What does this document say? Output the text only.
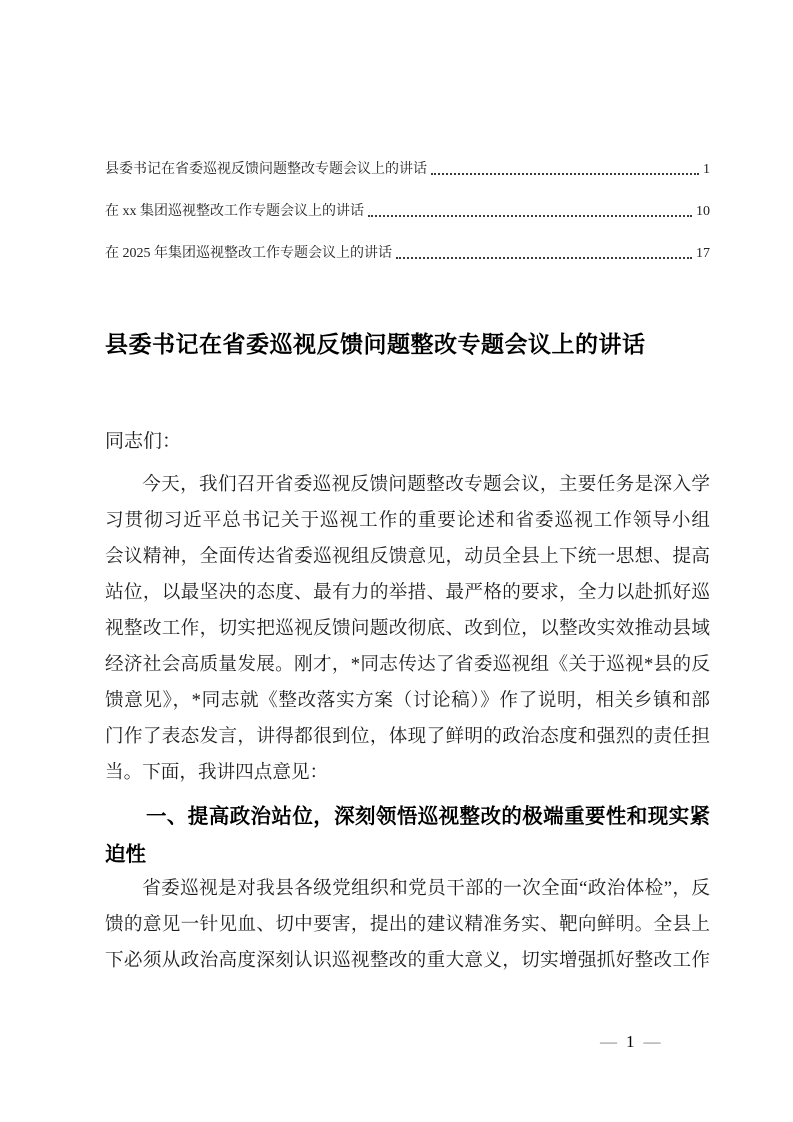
县委书记在省委巡视反馈问题整改专题会议上的讲话	1
在 xx 集团巡视整改工作专题会议上的讲话	10
在 2025 年集团巡视整改工作专题会议上的讲话	17
县委书记在省委巡视反馈问题整改专题会议上的讲话
同志们：
今天，我们召开省委巡视反馈问题整改专题会议，主要任务是深入学
习贯彻习近平总书记关于巡视工作的重要论述和省委巡视工作领导小组
会议精神，全面传达省委巡视组反馈意见，动员全县上下统一思想、提高
站位，以最坚决的态度、最有力的举措、最严格的要求，全力以赴抓好巡
视整改工作，切实把巡视反馈问题改彻底、改到位，以整改实效推动县域
经济社会高质量发展。刚才，*同志传达了省委巡视组《关于巡视*县的反
馈意见》，*同志就《整改落实方案（讨论稿）》作了说明，相关乡镇和部
门作了表态发言，讲得都很到位，体现了鲜明的政治态度和强烈的责任担
当。下面，我讲四点意见：
一、提高政治站位，深刻领悟巡视整改的极端重要性和现实紧
迫性
省委巡视是对我县各级党组织和党员干部的一次全面“政治体检”，反
馈的意见一针见血、切中要害，提出的建议精准务实、靶向鲜明。全县上
下必须从政治高度深刻认识巡视整改的重大意义，切实增强抓好整改工作
— 1 —
